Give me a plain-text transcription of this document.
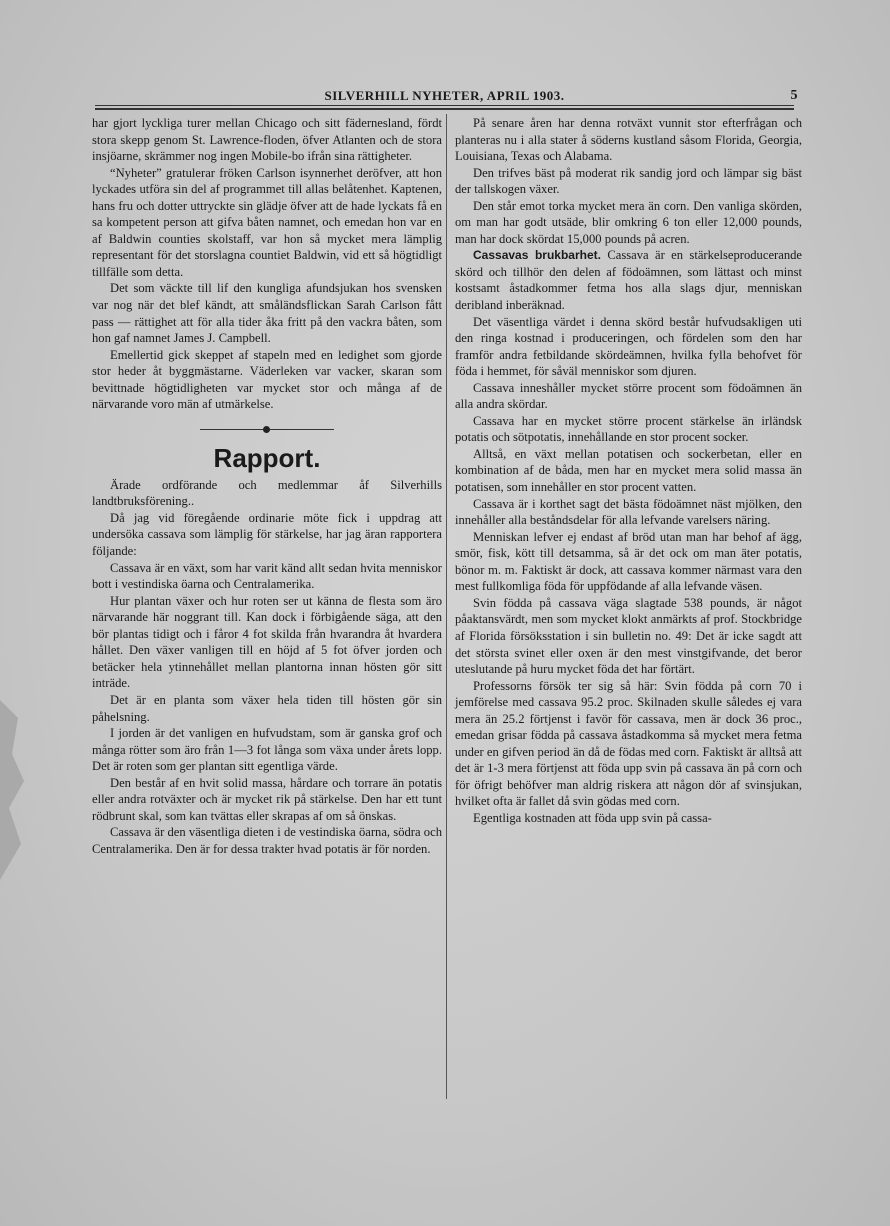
SILVERHILL NYHETER, APRIL 1903.	5

har gjort lyckliga turer mellan Chicago och sitt fädernesland, fördt stora skepp genom St. Lawrence-floden, öfver Atlanten och de stora insjöarne, skrämmer nog ingen Mobile-bo ifrån sina rättigheter.

“Nyheter” gratulerar fröken Carlson isynnerhet deröfver, att hon lyckades utföra sin del af programmet till allas belåtenhet. Kaptenen, hans fru och dotter uttryckte sin glädje öfver att de hade lyckats få en sa kompetent person att gifva båten namnet, och emedan hon var en af Baldwin counties skolstaff, var hon så mycket mera lämplig representant för det storslagna countiet Baldwin, vid ett så högtidligt tillfälle som detta.

Det som väckte till lif den kungliga afundsjukan hos svensken var nog när det blef kändt, att småländsflickan Sarah Carlson fått pass — rättighet att för alla tider åka fritt på den vackra båten, som hon gaf namnet James J. Campbell.

Emellertid gick skeppet af stapeln med en ledighet som gjorde stor heder åt byggmästarne. Väderleken var vacker, skaran som bevittnade högtidligheten var mycket stor och många af de närvarande voro män af utmärkelse.

Rapport.

Ärade ordförande och medlemmar åf Silverhills landtbruksförening..

Då jag vid föregående ordinarie möte fick i uppdrag att undersöka cassava som lämplig för stärkelse, har jag äran rapportera följande:

Cassava är en växt, som har varit känd allt sedan hvita menniskor bott i vestindiska öarna och Centralamerika.

Hur plantan växer och hur roten ser ut känna de flesta som äro närvarande här noggrant till. Kan dock i förbigående säga, att den bör plantas tidigt och i fåror 4 fot skilda från hvarandra åt hvardera hållet. Den växer vanligen till en höjd af 5 fot öfver jorden och betäcker hela ytinnehållet mellan plantorna innan hösten gör sitt inträde.

Det är en planta som växer hela tiden till hösten gör sin påhelsning.

I jorden är det vanligen en hufvudstam, som är ganska grof och många rötter som äro från 1—3 fot långa som växa under årets lopp. Det är roten som ger plantan sitt egentliga värde.

Den består af en hvit solid massa, hårdare och torrare än potatis eller andra rotväxter och är mycket rik på stärkelse. Den har ett tunt rödbrunt skal, som kan tvättas eller skrapas af om så önskas.

Cassava är den väsentliga dieten i de vestindiska öarna, södra och Centralamerika. Den är for dessa trakter hvad potatis är för norden.

På senare åren har denna rotväxt vunnit stor efterfrågan och planteras nu i alla stater å söderns kustland såsom Florida, Georgia, Louisiana, Texas och Alabama.

Den trifves bäst på moderat rik sandig jord och lämpar sig bäst der tallskogen växer.

Den står emot torka mycket mera än corn. Den vanliga skörden, om man har godt utsäde, blir omkring 6 ton eller 12,000 pounds, man har dock skördat 15,000 pounds på acren.

Cassavas brukbarhet. Cassava är en stärkelseproducerande skörd och tillhör den delen af födoämnen, som lättast och minst kostsamt åstadkommer fetma hos alla slags djur, menniskan deribland inberäknad.

Det väsentliga värdet i denna skörd består hufvudsakligen uti den ringa kostnad i produceringen, och fördelen som den har framför andra fetbildande skördeämnen, hvilka fylla behofvet för föda i hemmet, för såväl menniskor som djuren.

Cassava inneshåller mycket större procent som födoämnen än alla andra skördar.

Cassava har en mycket större procent stärkelse än irländsk potatis och sötpotatis, innehållande en stor procent socker.

Alltså, en växt mellan potatisen och sockerbetan, eller en kombination af de båda, men har en mycket mera solid massa än potatisen, som innehåller en stor procent vatten.

Cassava är i korthet sagt det bästa födoämnet näst mjölken, den innehåller alla beståndsdelar för alla lefvande varelsers näring.

Menniskan lefver ej endast af bröd utan man har behof af ägg, smör, fisk, kött till detsamma, så är det ock om man äter potatis, bönor m. m. Faktiskt är dock, att cassava kommer närmast vara den mest fullkomliga föda för uppfödande af alla lefvande väsen.

Svin födda på cassava väga slagtade 538 pounds, är något påaktansvärdt, men som mycket klokt anmärkts af prof. Stockbridge af Florida försöksstation i sin bulletin no. 49: Det är icke sagdt att det största svinet eller oxen är den mest vinstgifvande, det beror uteslutande på huru mycket föda det har förtärt.

Professorns försök ter sig så här: Svin födda på corn 70 i jemförelse med cassava 95.2 proc. Skilnaden skulle således ej vara mera än 25.2 förtjenst i favör för cassava, men är dock 36 proc., emedan grisar födda på cassava åstadkomma så mycket mera fetma under en gifven period än då de födas med corn. Faktiskt är alltså att det är 1-3 mera förtjenst att föda upp svin på cassava än på corn och för öfrigt behöfver man aldrig riskera att någon dör af svinsjukan, hvilket ofta är fallet då svin gödas med corn.

Egentliga kostnaden att föda upp svin på cassa-
